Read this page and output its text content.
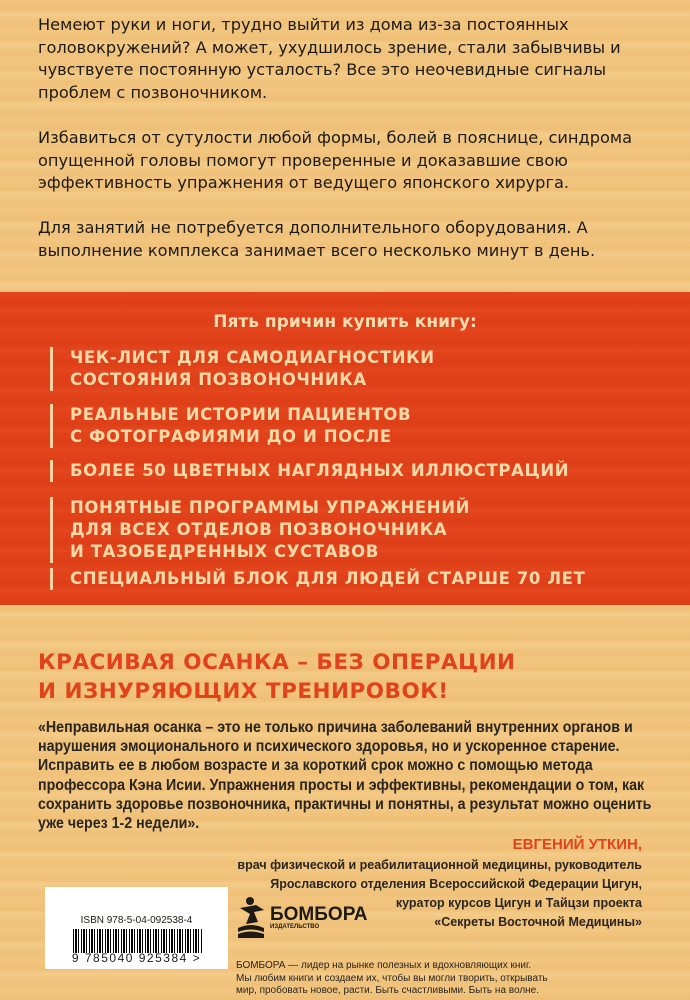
Немеют руки и ноги, трудно выйти из дома из-за постоянных головокружений? А может, ухудшилось зрение, стали забывчивы и чувствуете постоянную усталость? Все это неочевидные сигналы проблем с позвоночником.

Избавиться от сутулости любой формы, болей в пояснице, синдрома опущенной головы помогут проверенные и доказавшие свою эффективность упражнения от ведущего японского хирурга.

Для занятий не потребуется дополнительного оборудования. А выполнение комплекса занимает всего несколько минут в день.

Пять причин купить книгу:
ЧЕК-ЛИСТ ДЛЯ САМОДИАГНОСТИКИ
СОСТОЯНИЯ ПОЗВОНОЧНИКА
РЕАЛЬНЫЕ ИСТОРИИ ПАЦИЕНТОВ
С ФОТОГРАФИЯМИ ДО И ПОСЛЕ
БОЛЕЕ 50 ЦВЕТНЫХ НАГЛЯДНЫХ ИЛЛЮСТРАЦИЙ
ПОНЯТНЫЕ ПРОГРАММЫ УПРАЖНЕНИЙ
ДЛЯ ВСЕХ ОТДЕЛОВ ПОЗВОНОЧНИКА
И ТАЗОБЕДРЕННЫХ СУСТАВОВ
СПЕЦИАЛЬНЫЙ БЛОК ДЛЯ ЛЮДЕЙ СТАРШЕ 70 ЛЕТ
КРАСИВАЯ ОСАНКА – БЕЗ ОПЕРАЦИИ
И ИЗНУРЯЮЩИХ ТРЕНИРОВОК!

«Неправильная осанка – это не только причина заболеваний внутренних органов и нарушения эмоционального и психического здоровья, но и ускоренное старение. Исправить ее в любом возрасте и за короткий срок можно с помощью метода профессора Кэна Исии. Упражнения просты и эффективны, рекомендации о том, как сохранить здоровье позвоночника, практичны и понятны, а результат можно оценить уже через 1-2 недели».

ЕВГЕНИЙ УТКИН,
врач физической и реабилитационной медицины, руководитель
Ярославского отделения Всероссийской Федерации Цигун,
куратор курсов Цигун и Тайцзи проекта
«Секреты Восточной Медицины»
ISBN 978-5-04-092538-4
9 785040 925384 >
БОМБОРА
ИЗДАТЕЛЬСТВО
БОМБОРА — лидер на рынке полезных и вдохновляющих книг.
Мы любим книги и создаем их, чтобы вы могли творить, открывать
мир, пробовать новое, расти. Быть счастливыми. Быть на волне.
